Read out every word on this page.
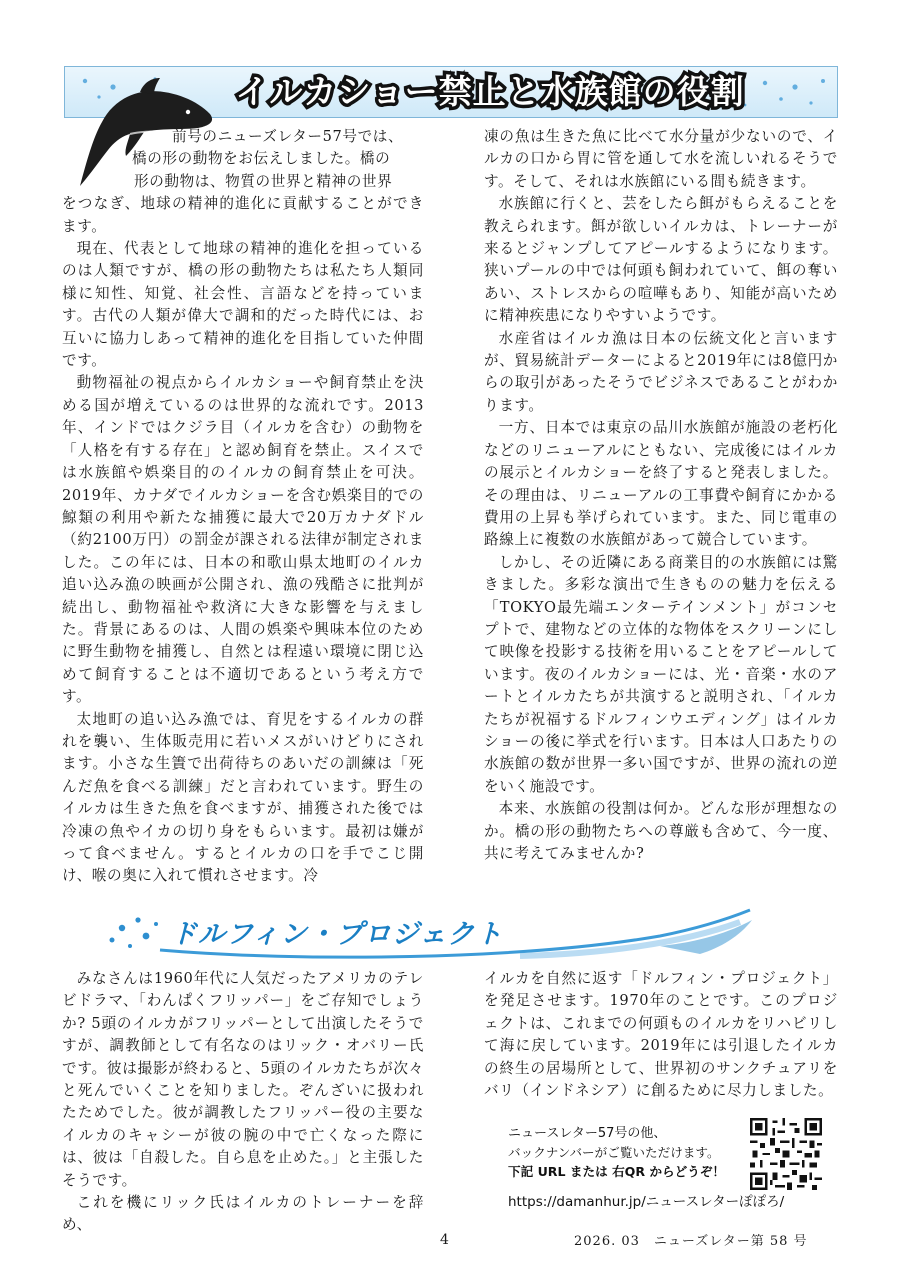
イルカショー禁止と水族館の役割
前号のニューズレター57号では、
橋の形の動物をお伝えしました。橋の
形の動物は、物質の世界と精神の世界

をつなぎ、地球の精神的進化に貢献することができます。

現在、代表として地球の精神的進化を担っているのは人類ですが、橋の形の動物たちは私たち人類同様に知性、知覚、社会性、言語などを持っています。古代の人類が偉大で調和的だった時代には、お互いに協力しあって精神的進化を目指していた仲間です。

動物福祉の視点からイルカショーや飼育禁止を決める国が増えているのは世界的な流れです。2013年、インドではクジラ目（イルカを含む）の動物を「人格を有する存在」と認め飼育を禁止。スイスでは水族館や娯楽目的のイルカの飼育禁止を可決。2019年、カナダでイルカショーを含む娯楽目的での鯨類の利用や新たな捕獲に最大で20万カナダドル（約2100万円）の罰金が課される法律が制定されました。この年には、日本の和歌山県太地町のイルカ追い込み漁の映画が公開され、漁の残酷さに批判が続出し、動物福祉や救済に大きな影響を与えました。背景にあるのは、人間の娯楽や興味本位のために野生動物を捕獲し、自然とは程遠い環境に閉じ込めて飼育することは不適切であるという考え方です。

太地町の追い込み漁では、育児をするイルカの群れを襲い、生体販売用に若いメスがいけどりにされます。小さな生簀で出荷待ちのあいだの訓練は「死んだ魚を食べる訓練」だと言われています。野生のイルカは生きた魚を食べますが、捕獲された後では冷凍の魚やイカの切り身をもらいます。最初は嫌がって食べません。するとイルカの口を手でこじ開け、喉の奥に入れて慣れさせます。冷

凍の魚は生きた魚に比べて水分量が少ないので、イルカの口から胃に管を通して水を流しいれるそうです。そして、それは水族館にいる間も続きます。

水族館に行くと、芸をしたら餌がもらえることを教えられます。餌が欲しいイルカは、トレーナーが来るとジャンプしてアピールするようになります。狭いプールの中では何頭も飼われていて、餌の奪いあい、ストレスからの喧嘩もあり、知能が高いために精神疾患になりやすいようです。

水産省はイルカ漁は日本の伝統文化と言いますが、貿易統計データーによると2019年には8億円からの取引があったそうでビジネスであることがわかります。

一方、日本では東京の品川水族館が施設の老朽化などのリニューアルにともない、完成後にはイルカの展示とイルカショーを終了すると発表しました。その理由は、リニューアルの工事費や飼育にかかる費用の上昇も挙げられています。また、同じ電車の路線上に複数の水族館があって競合しています。

しかし、その近隣にある商業目的の水族館には驚きました。多彩な演出で生きものの魅力を伝える「TOKYO最先端エンターテインメント」がコンセプトで、建物などの立体的な物体をスクリーンにして映像を投影する技術を用いることをアピールしています。夜のイルカショーには、光・音楽・水のアートとイルカたちが共演すると説明され、「イルカたちが祝福するドルフィンウエディング」はイルカショーの後に挙式を行います。日本は人口あたりの水族館の数が世界一多い国ですが、世界の流れの逆をいく施設です。

本来、水族館の役割は何か。どんな形が理想なのか。橋の形の動物たちへの尊厳も含めて、今一度、共に考えてみませんか?

ドルフィン・プロジェクト

みなさんは1960年代に人気だったアメリカのテレビドラマ、「わんぱくフリッパー」をご存知でしょうか? 5頭のイルカがフリッパーとして出演したそうですが、調教師として有名なのはリック・オバリー氏です。彼は撮影が終わると、5頭のイルカたちが次々と死んでいくことを知りました。ぞんざいに扱われたためでした。彼が調教したフリッパー役の主要なイルカのキャシーが彼の腕の中で亡くなった際には、彼は「自殺した。自ら息を止めた。」と主張したそうです。

これを機にリック氏はイルカのトレーナーを辞め、

イルカを自然に返す「ドルフィン・プロジェクト」を発足させます。1970年のことです。このプロジェクトは、これまでの何頭ものイルカをリハビリして海に戻しています。2019年には引退したイルカの終生の居場所として、世界初のサンクチュアリをバリ（インドネシア）に創るために尽力しました。

ニュースレター57号の他、
バックナンバーがご覧いただけます。
下記 URL または 右QR からどうぞ！
https://damanhur.jp/ニュースレターぽぽろ/
4	2026. 03　ニューズレター第 58 号
